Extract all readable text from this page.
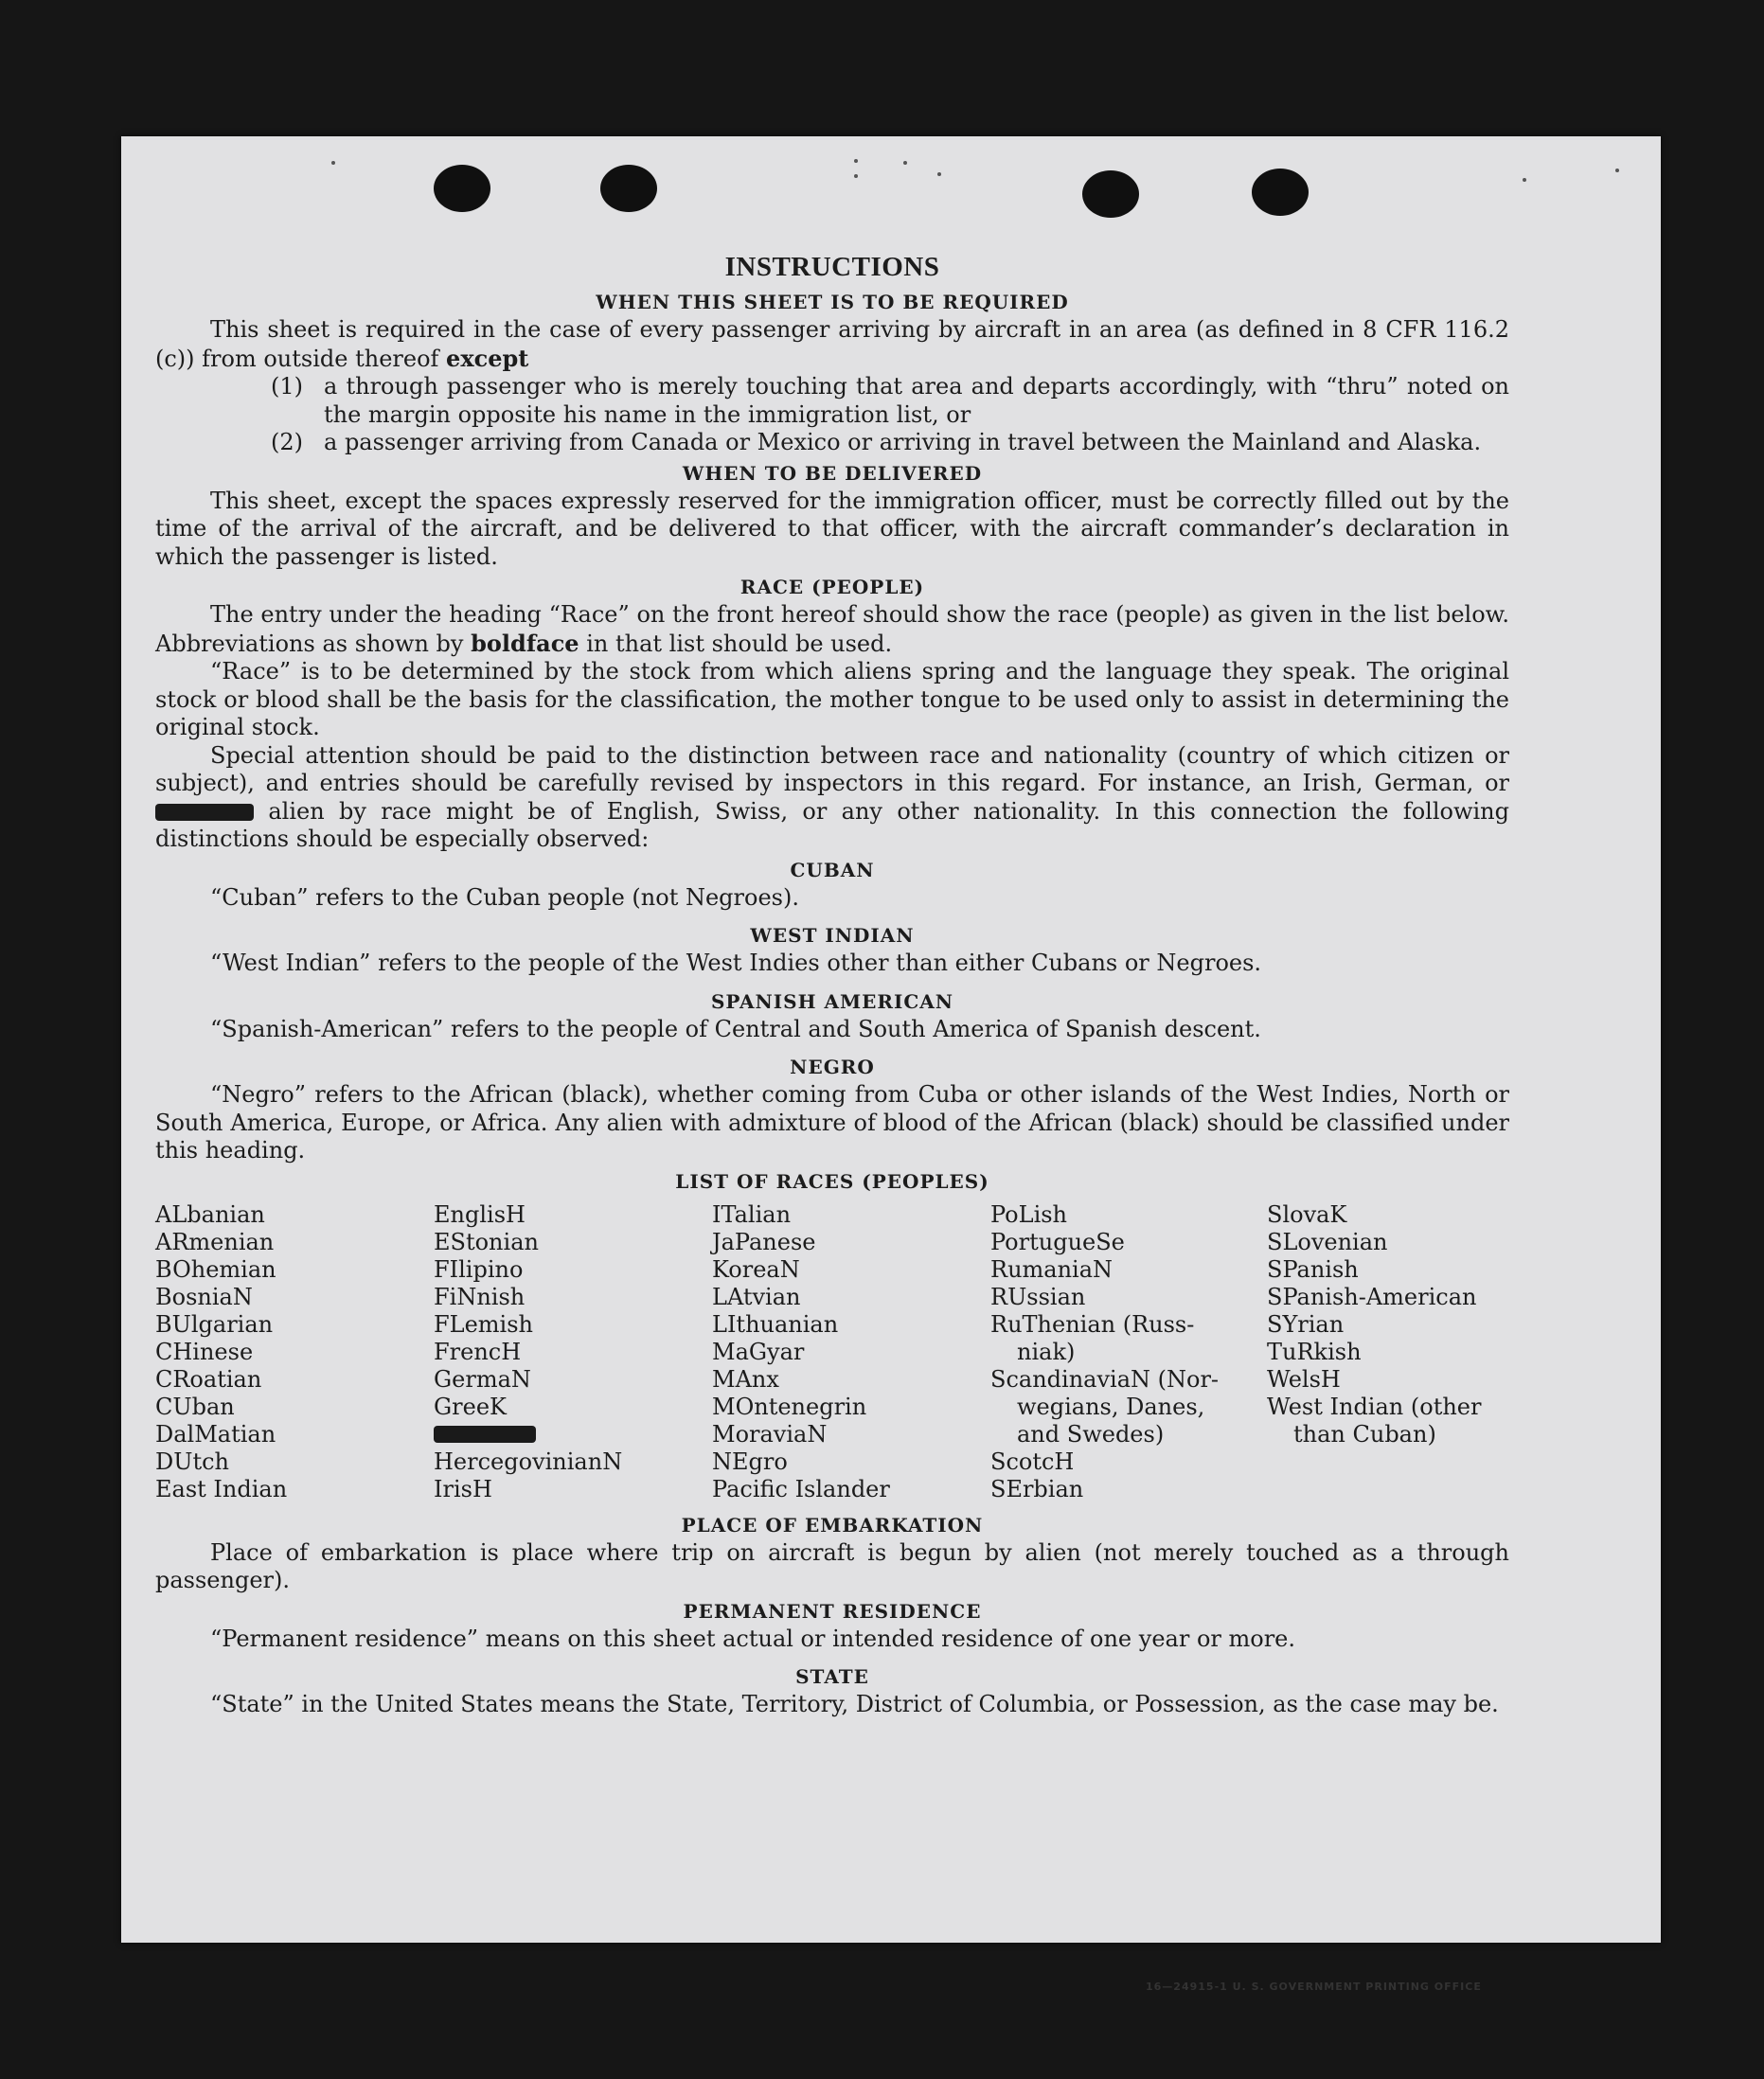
INSTRUCTIONS
WHEN THIS SHEET IS TO BE REQUIRED

This sheet is required in the case of every passenger arriving by aircraft in an area (as defined in 8 CFR 116.2 (c)) from outside thereof except

(1) a through passenger who is merely touching that area and departs accordingly, with “thru” noted on the margin opposite his name in the immigration list, or
(2) a passenger arriving from Canada or Mexico or arriving in travel between the Mainland and Alaska.
WHEN TO BE DELIVERED

This sheet, except the spaces expressly reserved for the immigration officer, must be correctly filled out by the time of the arrival of the aircraft, and be delivered to that officer, with the aircraft commander’s declaration in which the passenger is listed.

RACE (PEOPLE)

The entry under the heading “Race” on the front hereof should show the race (people) as given in the list below. Abbreviations as shown by boldface in that list should be used.

“Race” is to be determined by the stock from which aliens spring and the language they speak. The original stock or blood shall be the basis for the classification, the mother tongue to be used only to assist in determining the original stock.

Special attention should be paid to the distinction between race and nationality (country of which citizen or subject), and entries should be carefully revised by inspectors in this regard. For instance, an Irish, German, or  alien by race might be of English, Swiss, or any other nationality. In this connection the following distinctions should be especially observed:

CUBAN

“Cuban” refers to the Cuban people (not Negroes).

WEST INDIAN

“West Indian” refers to the people of the West Indies other than either Cubans or Negroes.

SPANISH AMERICAN

“Spanish-American” refers to the people of Central and South America of Spanish descent.

NEGRO

“Negro” refers to the African (black), whether coming from Cuba or other islands of the West Indies, North or South America, Europe, or Africa. Any alien with admixture of blood of the African (black) should be classified under this heading.

LIST OF RACES (PEOPLES)
ALbanian
ARmenian
BOhemian
BosniaN
BUlgarian
CHinese
CRoatian
CUban
DalMatian
DUtch
East Indian
EnglisH
EStonian
FIlipino
FiNnish
FLemish
FrencH
GermaN
GreeK
HercegovinianN
IrisH
ITalian
JaPanese
KoreaN
LAtvian
LIthuanian
MaGyar
MAnx
MOntenegrin
MoraviaN
NEgro
Pacific Islander
PoLish
PortugueSe
RumaniaN
RUssian
RuThenian (Russ-
niak)
ScandinaviaN (Nor-
wegians, Danes,
and Swedes)
ScotcH
SErbian
SlovaK
SLovenian
SPanish
SPanish-American
SYrian
TuRkish
WelsH
West Indian (other
than Cuban)
PLACE OF EMBARKATION

Place of embarkation is place where trip on aircraft is begun by alien (not merely touched as a through passenger).

PERMANENT RESIDENCE

“Permanent residence” means on this sheet actual or intended residence of one year or more.

STATE

“State” in the United States means the State, Territory, District of Columbia, or Possession, as the case may be.

16—24915-1 U. S. GOVERNMENT PRINTING OFFICE
